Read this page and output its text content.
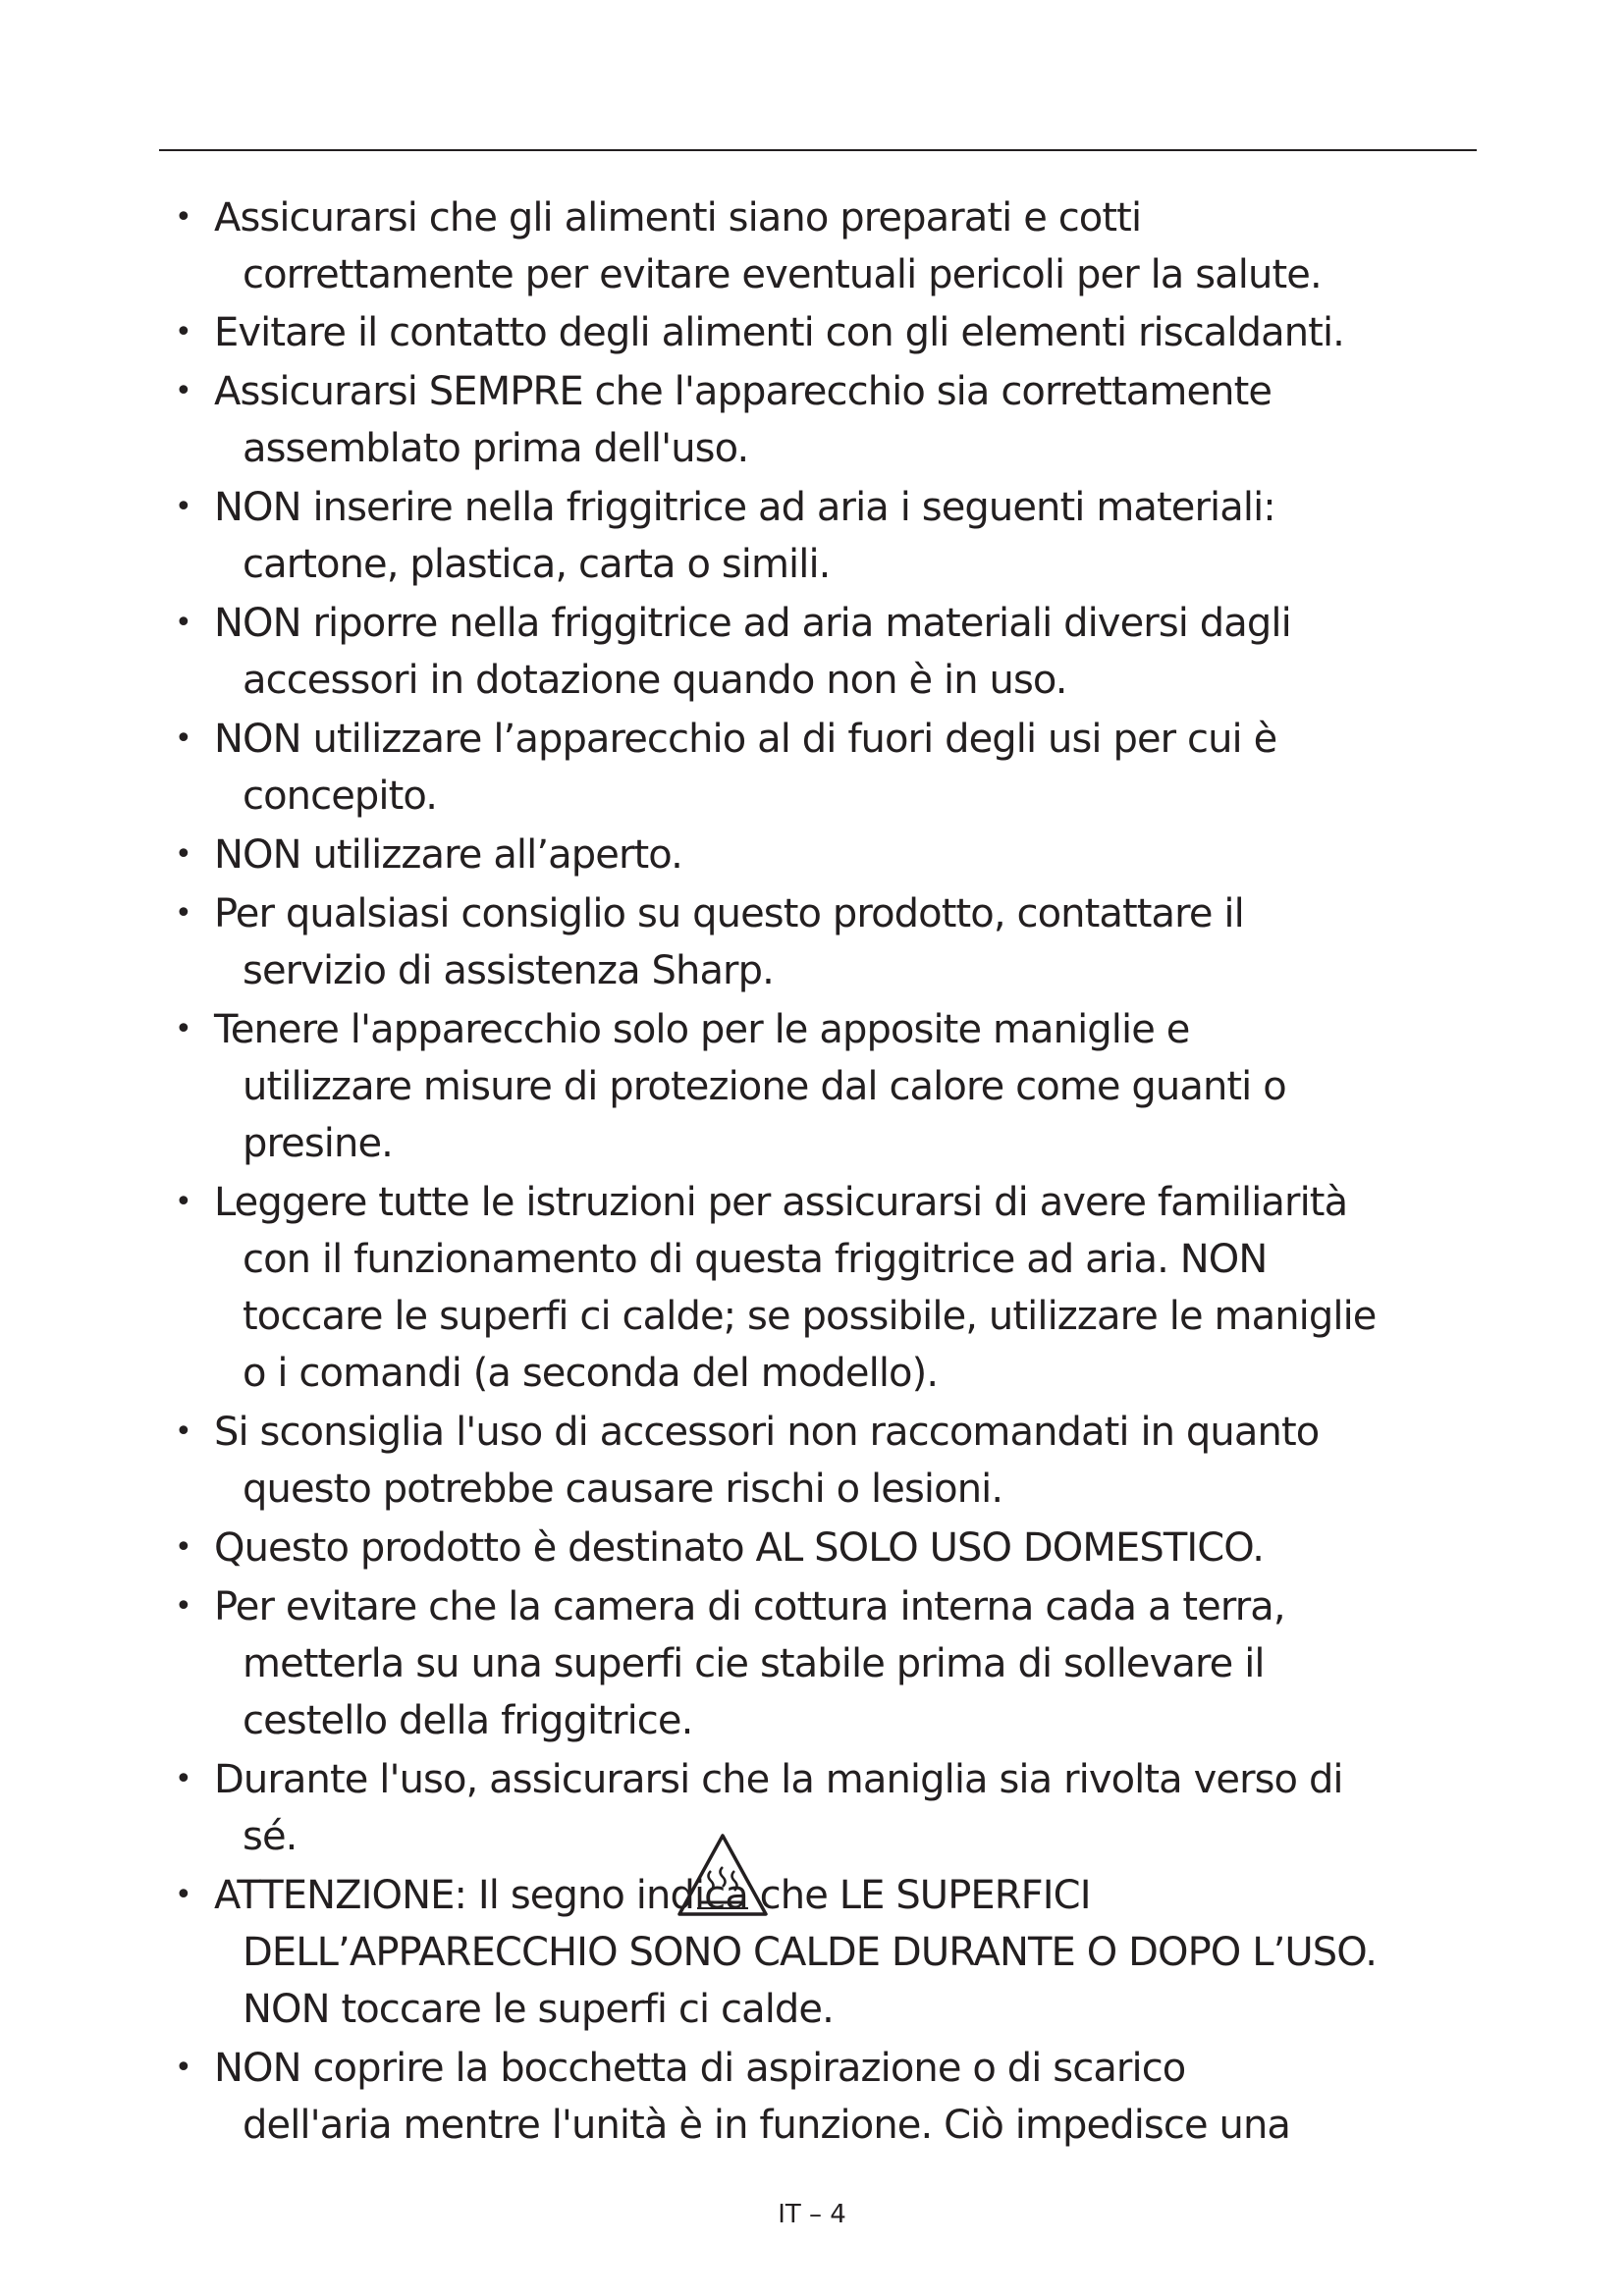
• Assicurarsi che gli alimenti siano preparati e cotti
correttamente per evitare eventuali pericoli per la salute.
• Evitare il contatto degli alimenti con gli elementi riscaldanti.
• Assicurarsi SEMPRE che l'apparecchio sia correttamente
assemblato prima dell'uso.
• NON inserire nella friggitrice ad aria i seguenti materiali:
cartone, plastica, carta o simili.
• NON riporre nella friggitrice ad aria materiali diversi dagli
accessori in dotazione quando non è in uso.
• NON utilizzare l’apparecchio al di fuori degli usi per cui è
concepito.
• NON utilizzare all’aperto.
• Per qualsiasi consiglio su questo prodotto, contattare il
servizio di assistenza Sharp.
• Tenere l'apparecchio solo per le apposite maniglie e
utilizzare misure di protezione dal calore come guanti o
presine.
• Leggere tutte le istruzioni per assicurarsi di avere familiarità
con il funzionamento di questa friggitrice ad aria. NON
toccare le superfi ci calde; se possibile, utilizzare le maniglie
o i comandi (a seconda del modello).
• Si sconsiglia l'uso di accessori non raccomandati in quanto
questo potrebbe causare rischi o lesioni.
• Questo prodotto è destinato AL SOLO USO DOMESTICO.
• Per evitare che la camera di cottura interna cada a terra,
metterla su una superfi cie stabile prima di sollevare il
cestello della friggitrice.
• Durante l'uso, assicurarsi che la maniglia sia rivolta verso di
sé.
• ATTENZIONE: Il segno indica che LE SUPERFICI
DELL’APPARECCHIO SONO CALDE DURANTE O DOPO L’USO.
NON toccare le superfi ci calde.
• NON coprire la bocchetta di aspirazione o di scarico
dell'aria mentre l'unità è in funzione. Ciò impedisce una
IT – 4
